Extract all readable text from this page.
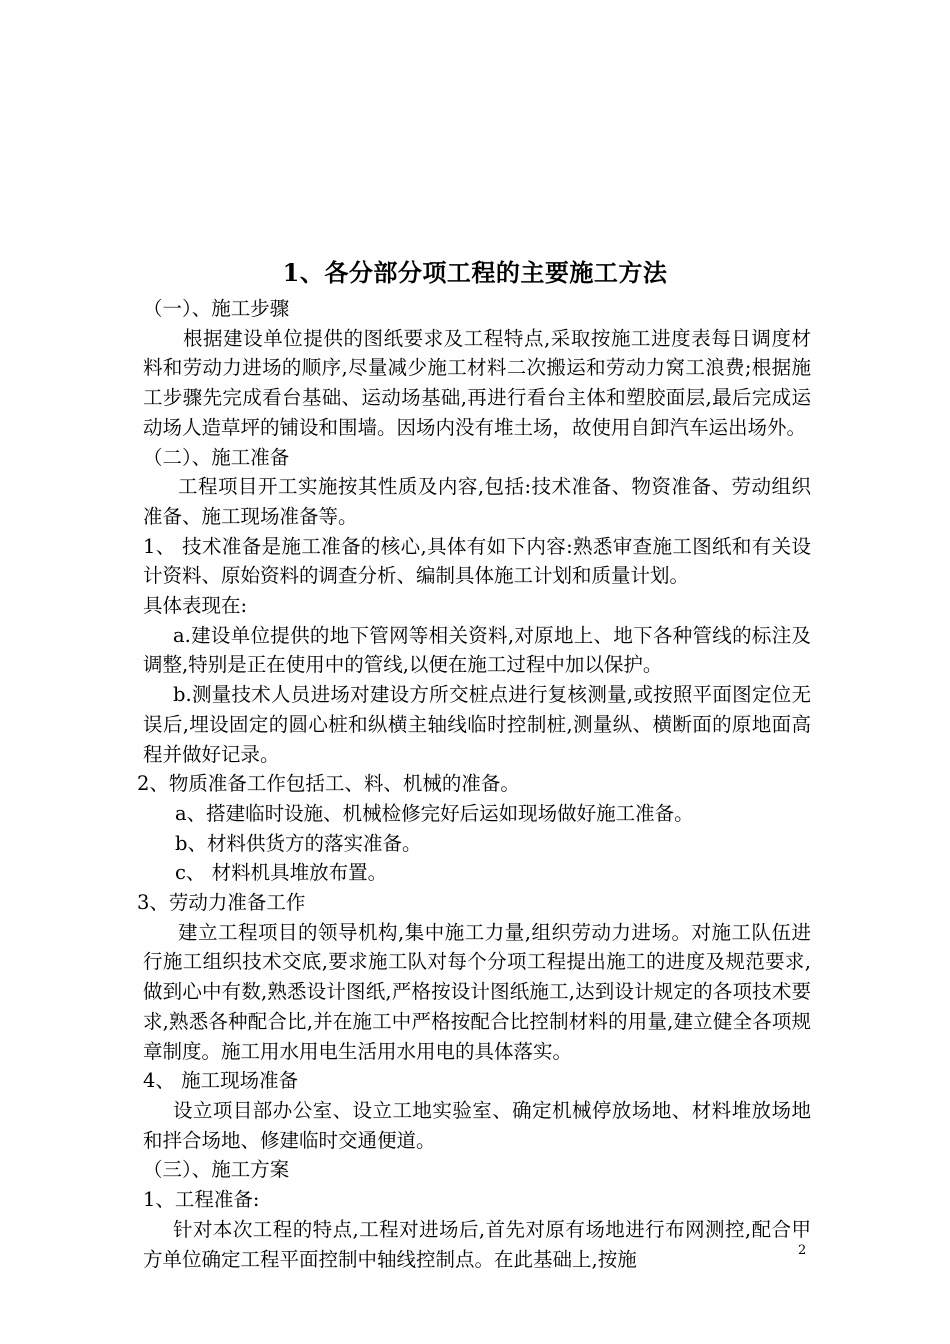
1、各分部分项工程的主要施工方法

（一）、施工步骤

根据建设单位提供的图纸要求及工程特点,采取按施工进度表每日调度材料和劳动力进场的顺序,尽量减少施工材料二次搬运和劳动力窝工浪费;根据施工步骤先完成看台基础、运动场基础,再进行看台主体和塑胶面层,最后完成运动场人造草坪的铺设和围墙。因场内没有堆土场，故使用自卸汽车运出场外。

（二）、施工准备

工程项目开工实施按其性质及内容,包括:技术准备、物资准备、劳动组织准备、施工现场准备等。

1、 技术准备是施工准备的核心,具体有如下内容:熟悉审查施工图纸和有关设计资料、原始资料的调查分析、编制具体施工计划和质量计划。

具体表现在:

a.建设单位提供的地下管网等相关资料,对原地上、地下各种管线的标注及调整,特别是正在使用中的管线,以便在施工过程中加以保护。

b.测量技术人员进场对建设方所交桩点进行复核测量,或按照平面图定位无误后,埋设固定的圆心桩和纵横主轴线临时控制桩,测量纵、横断面的原地面高程并做好记录。

2、物质准备工作包括工、料、机械的准备。

a、搭建临时设施、机械检修完好后运如现场做好施工准备。

b、材料供货方的落实准备。

c、 材料机具堆放布置。

3、劳动力准备工作

建立工程项目的领导机构,集中施工力量,组织劳动力进场。对施工队伍进行施工组织技术交底,要求施工队对每个分项工程提出施工的进度及规范要求,做到心中有数,熟悉设计图纸,严格按设计图纸施工,达到设计规定的各项技术要求,熟悉各种配合比,并在施工中严格按配合比控制材料的用量,建立健全各项规章制度。施工用水用电生活用水用电的具体落实。

4、 施工现场准备

设立项目部办公室、设立工地实验室、确定机械停放场地、材料堆放场地和拌合场地、修建临时交通便道。

（三）、施工方案

1、工程准备:

针对本次工程的特点,工程对进场后,首先对原有场地进行布网测控,配合甲方单位确定工程平面控制中轴线控制点。在此基础上,按施	2
